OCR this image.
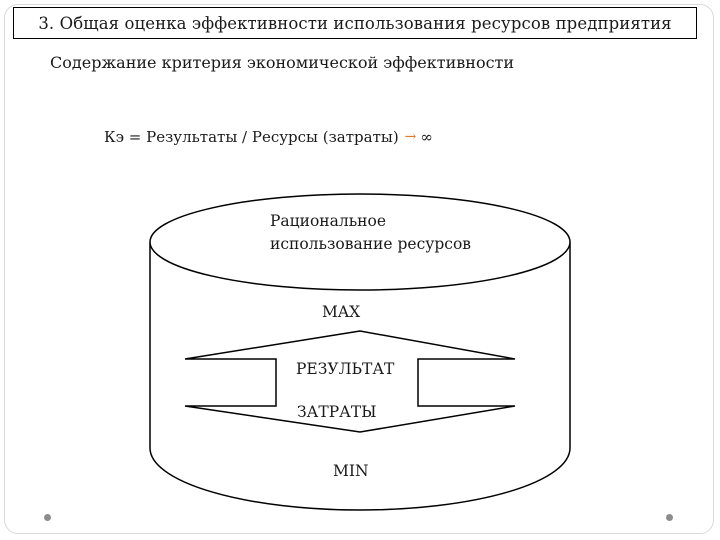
3. Общая оценка эффективности использования ресурсов предприятия
Содержание критерия экономической эффективности
Кэ = Результаты / Ресурсы (затраты) → ∞
Рациональное
использование ресурсов
MAX
РЕЗУЛЬТАТ
ЗАТРАТЫ
MIN
